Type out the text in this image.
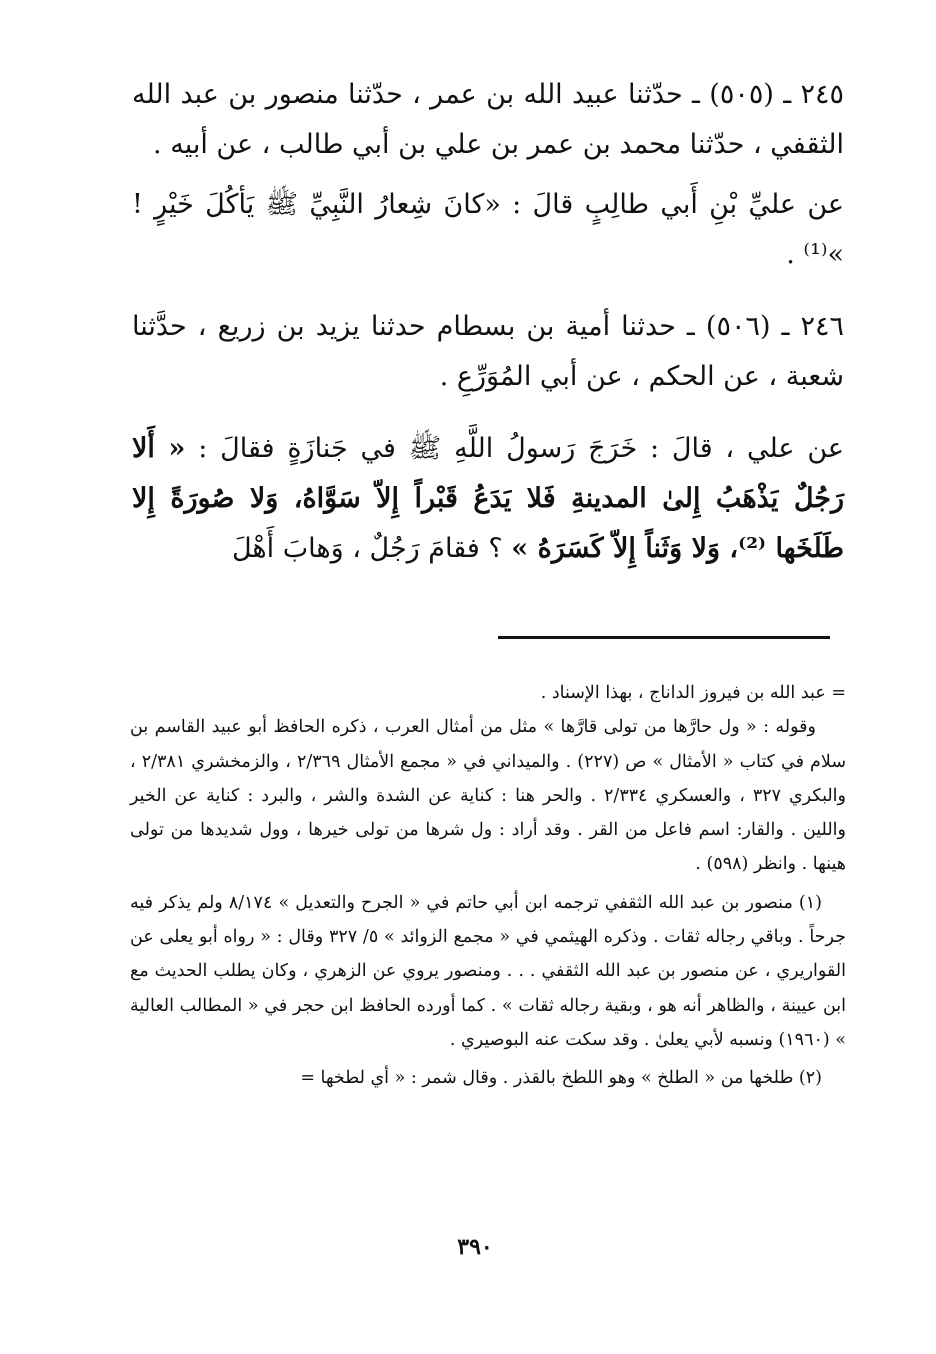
٢٤٥ ـ (٥٠٥) ـ حدّثنا عبيد الله بن عمر ، حدّثنا منصور بن عبد الله الثقفي ، حدّثنا محمد بن عمر بن علي بن أبي طالب ، عن أبيه .

عن عليِّ بْنِ أَبي طالِبٍ قالَ : «كانَ شِعارُ النَّبِيِّ ﷺ يَأكُلَ خَيْرٍ ! »⁽¹⁾ .

٢٤٦ ـ (٥٠٦) ـ حدثنا أمية بن بسطام حدثنا يزيد بن زريع ، حدَّثنا شعبة ، عن الحكم ، عن أبي المُوَرِّعِ .

عن علي ، قالَ : خَرَجَ رَسولُ اللَّهِ ﷺ في جَنازَةٍ فقالَ : « أَلا رَجُلٌ يَذْهَبُ إِلىٰ المدينةِ فَلا يَدَعُ قَبْراً إِلاّ سَوَّاهُ، وَلا صُورَةً إِلا طَلَخَها ⁽²⁾، وَلا وَثَناً إِلاّ كَسَرَهُ » ؟ فقامَ رَجُلٌ ، وَهابَ أَهْلَ

= عبد الله بن فيروز الداناج ، بهذا الإسناد .

وقوله : « ول حارَّها من تولى قارَّها » مثل من أمثال العرب ، ذكره الحافظ أبو عبيد القاسم بن سلام في كتاب « الأمثال » ص (٢٢٧) . والميداني في « مجمع الأمثال ٢/٣٦٩ ، والزمخشري ٢/٣٨١ ، والبكري ٣٢٧ ، والعسكري ٢/٣٣٤ . والحر هنا : كناية عن الشدة والشر ، والبرد : كناية عن الخير واللين . والقار: اسم فاعل من القر . وقد أراد : ول شرها من تولى خيرها ، وول شديدها من تولى هينها . وانظر (٥٩٨) .

(١) منصور بن عبد الله الثقفي ترجمه ابن أبي حاتم في « الجرح والتعديل » ٨/١٧٤ ولم يذكر فيه جرحاً . وباقي رجاله ثقات . وذكره الهيثمي في « مجمع الزوائد » ٥/ ٣٢٧ وقال : « رواه أبو يعلى عن القواريري ، عن منصور بن عبد الله الثقفي . . . ومنصور يروي عن الزهري ، وكان يطلب الحديث مع ابن عيينة ، والظاهر أنه هو ، وبقية رجاله ثقات » . كما أورده الحافظ ابن حجر في « المطالب العالية » (١٩٦٠) ونسبه لأبي يعلىٰ . وقد سكت عنه البوصيري .

(٢) طلخها من « الطلخ » وهو اللطخ بالقذر . وقال شمر : « أي لطخها =

٣٩٠
